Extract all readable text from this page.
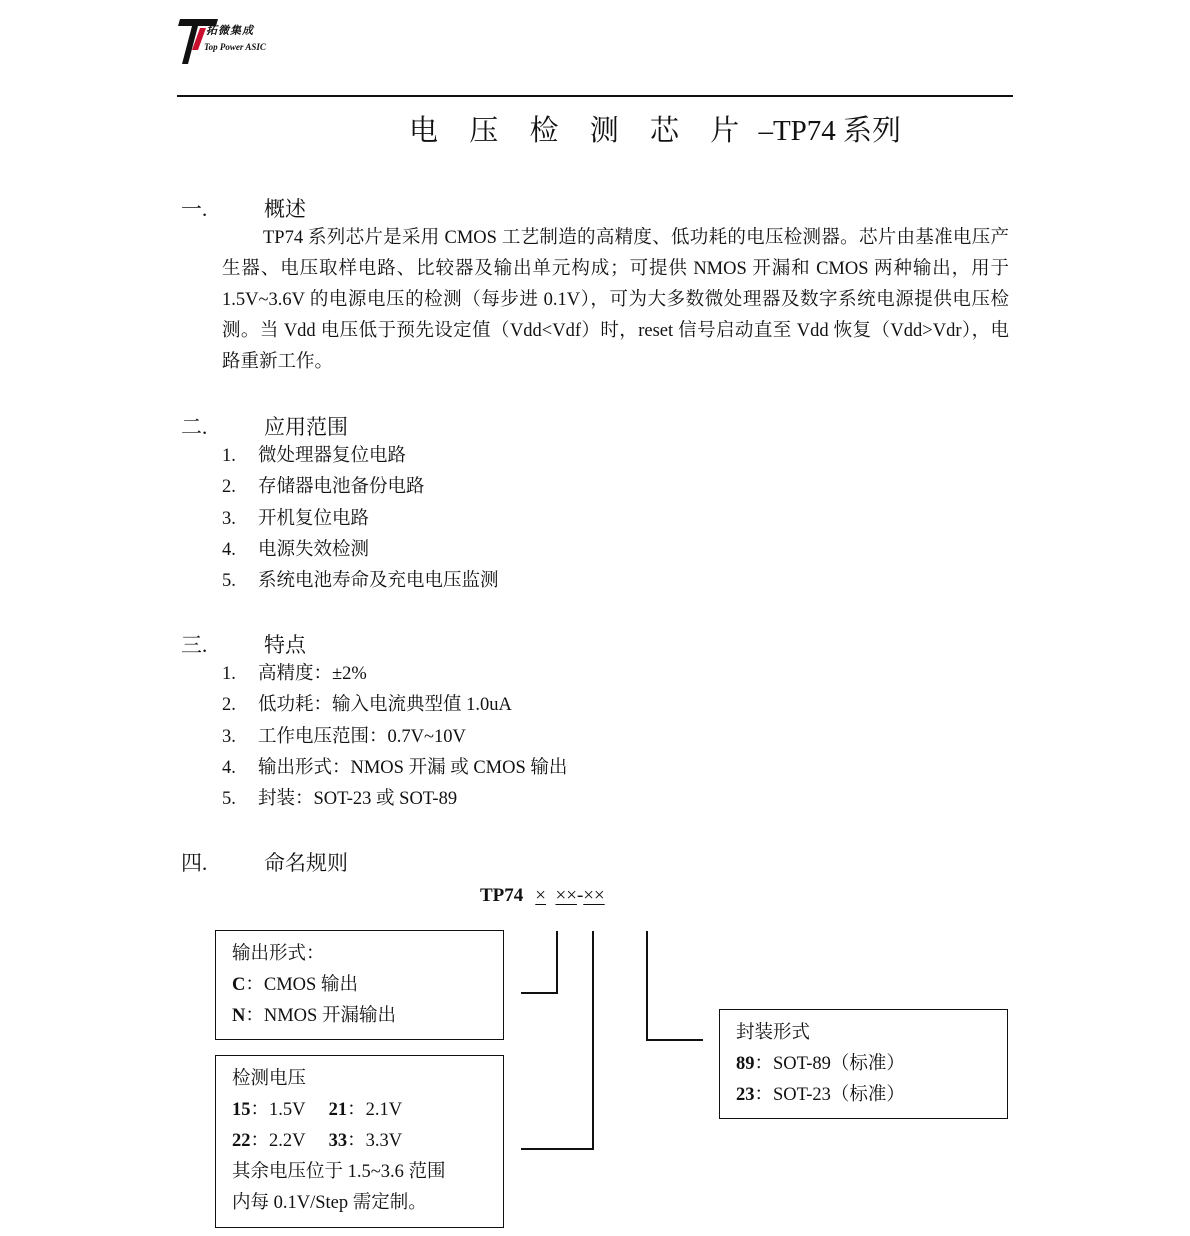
拓微集成
Top Power ASIC
电 压 检 测 芯 片 –TP74 系列
一.	概述

TP74 系列芯片是采用 CMOS 工艺制造的高精度、低功耗的电压检测器。芯片由基准电压产生器、电压取样电路、比较器及输出单元构成；可提供 NMOS 开漏和 CMOS 两种输出，用于 1.5V~3.6V 的电源电压的检测（每步进 0.1V），可为大多数微处理器及数字系统电源提供电压检测。当 Vdd 电压低于预先设定值（Vdd<Vdf）时，reset 信号启动直至 Vdd 恢复（Vdd>Vdr），电路重新工作。

二.	应用范围
1.	微处理器复位电路
2.	存储器电池备份电路
3.	开机复位电路
4.	电源失效检测
5.	系统电池寿命及充电电压监测
三.	特点
1.	高精度：±2%
2.	低功耗：输入电流典型值 1.0uA
3.	工作电压范围：0.7V~10V
4.	输出形式：NMOS 开漏 或 CMOS 输出
5.	封装：SOT-23 或 SOT-89
四.	命名规则
TP74 × ××-××
输出形式：
C：CMOS 输出
N：NMOS 开漏输出
检测电压
15：1.5V 21：2.1V
22：2.2V 33：3.3V
其余电压位于 1.5~3.6 范围
内每 0.1V/Step 需定制。
封装形式
89：SOT-89（标准）
23：SOT-23（标准）
